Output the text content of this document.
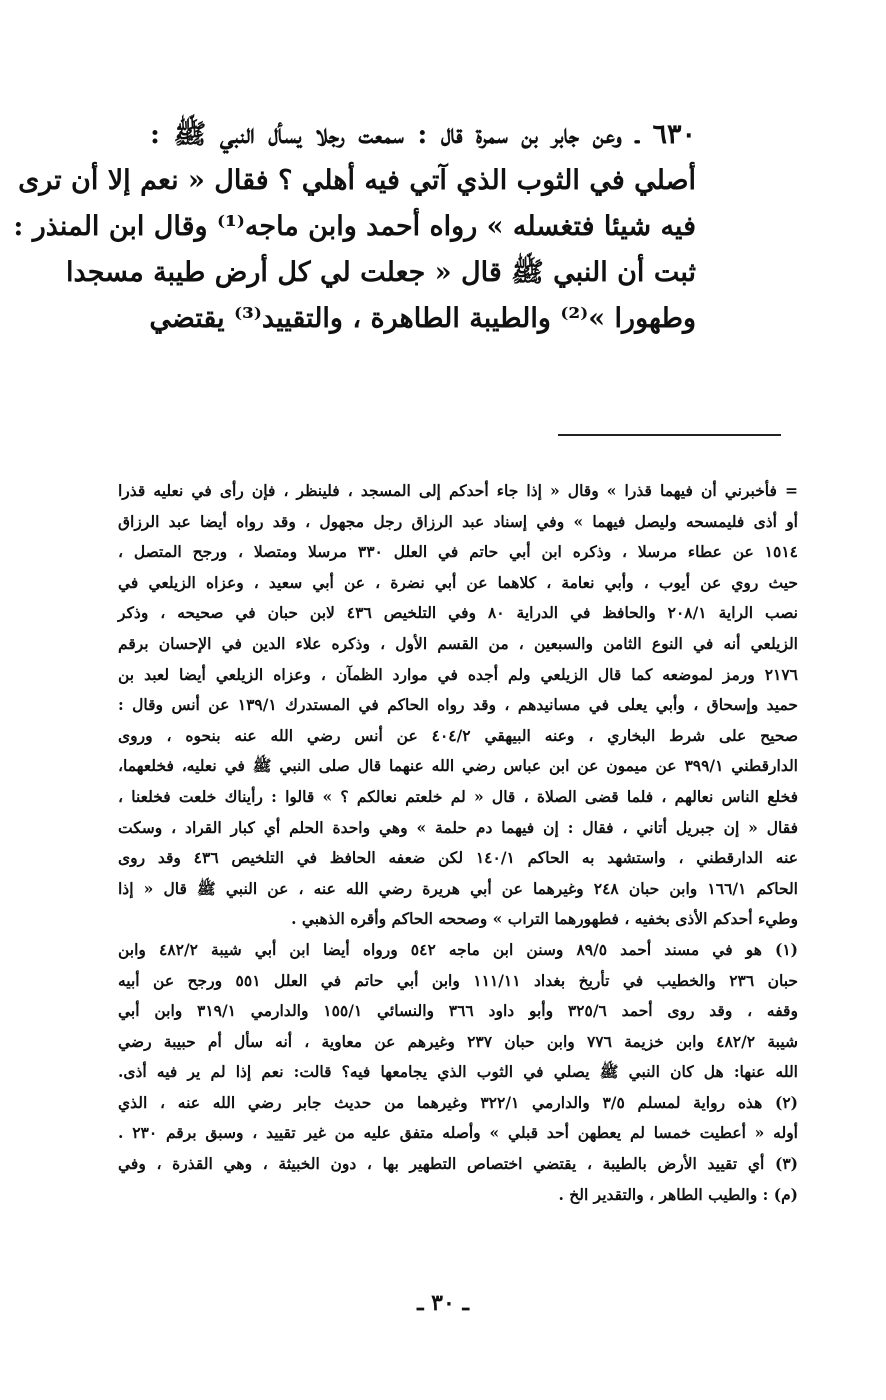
٦٣٠ ـ وعن جابر بن سمرة قال : سمعت رجلا يسأل النبي ﷺ :
أصلي في الثوب الذي آتي فيه أهلي ؟ فقال « نعم إلا أن ترى
فيه شيئا فتغسله » رواه أحمد وابن ماجه⁽¹⁾ وقال ابن المنذر :
ثبت أن النبي ﷺ قال « جعلت لي كل أرض طيبة مسجدا
وطهورا »⁽²⁾ والطيبة الطاهرة ، والتقييد⁽³⁾ يقتضي
= فأخبرني أن فيهما قذرا » وقال « إذا جاء أحدكم إلى المسجد ، فلينظر ، فإن رأى في نعليه قذرا
أو أذى فليمسحه وليصل فيهما » وفي إسناد عبد الرزاق رجل مجهول ، وقد رواه أيضا عبد الرزاق
١٥١٤ عن عطاء مرسلا ، وذكره ابن أبي حاتم في العلل ٣٣٠ مرسلا ومتصلا ، ورجح المتصل ،
حيث روي عن أيوب ، وأبي نعامة ، كلاهما عن أبي نضرة ، عن أبي سعيد ، وعزاه الزيلعي في
نصب الراية ٢٠٨/١ والحافظ في الدراية ٨٠ وفي التلخيص ٤٣٦ لابن حبان في صحيحه ، وذكر
الزيلعي أنه في النوع الثامن والسبعين ، من القسم الأول ، وذكره علاء الدين في الإحسان برقم
٢١٧٦ ورمز لموضعه كما قال الزيلعي ولم أجده في موارد الظمآن ، وعزاه الزيلعي أيضا لعبد بن
حميد وإسحاق ، وأبي يعلى في مسانيدهم ، وقد رواه الحاكم في المستدرك ١٣٩/١ عن أنس وقال :
صحيح على شرط البخاري ، وعنه البيهقي ٤٠٤/٢ عن أنس رضي الله عنه بنحوه ، وروى
الدارقطني ٣٩٩/١ عن ميمون عن ابن عباس رضي الله عنهما قال صلى النبي ﷺ في نعليه، فخلعهما،
فخلع الناس نعالهم ، فلما قضى الصلاة ، قال « لم خلعتم نعالكم ؟ » قالوا : رأيناك خلعت فخلعنا ،
فقال « إن جبريل أتاني ، فقال : إن فيهما دم حلمة » وهي واحدة الحلم أي كبار القراد ، وسكت
عنه الدارقطني ، واستشهد به الحاكم ١٤٠/١ لكن ضعفه الحافظ في التلخيص ٤٣٦ وقد روى
الحاكم ١٦٦/١ وابن حبان ٢٤٨ وغيرهما عن أبي هريرة رضي الله عنه ، عن النبي ﷺ قال « إذا
وطيء أحدكم الأذى بخفيه ، فطهورهما التراب » وصححه الحاكم وأقره الذهبي .
(١) هو في مسند أحمد ٨٩/٥ وسنن ابن ماجه ٥٤٢ ورواه أيضا ابن أبي شيبة ٤٨٢/٢ وابن
حبان ٢٣٦ والخطيب في تأريخ بغداد ١١١/١١ وابن أبي حاتم في العلل ٥٥١ ورجح عن أبيه
وقفه ، وقد روى أحمد ٣٢٥/٦ وأبو داود ٣٦٦ والنسائي ١٥٥/١ والدارمي ٣١٩/١ وابن أبي
شيبة ٤٨٢/٢ وابن خزيمة ٧٧٦ وابن حبان ٢٣٧ وغيرهم عن معاوية ، أنه سأل أم حبيبة رضي
الله عنها: هل كان النبي ﷺ يصلي في الثوب الذي يجامعها فيه؟ قالت: نعم إذا لم ير فيه أذى.
(٢) هذه رواية لمسلم ٣/٥ والدارمي ٣٢٢/١ وغيرهما من حديث جابر رضي الله عنه ، الذي
أوله « أعطيت خمسا لم يعطهن أحد قبلي » وأصله متفق عليه من غير تقييد ، وسبق برقم ٢٣٠ .
(٣) أي تقييد الأرض بالطيبة ، يقتضي اختصاص التطهير بها ، دون الخبيثة ، وهي القذرة ، وفي
(م) : والطيب الطاهر ، والتقدير الخ .
ـ ٣٠ ـ
